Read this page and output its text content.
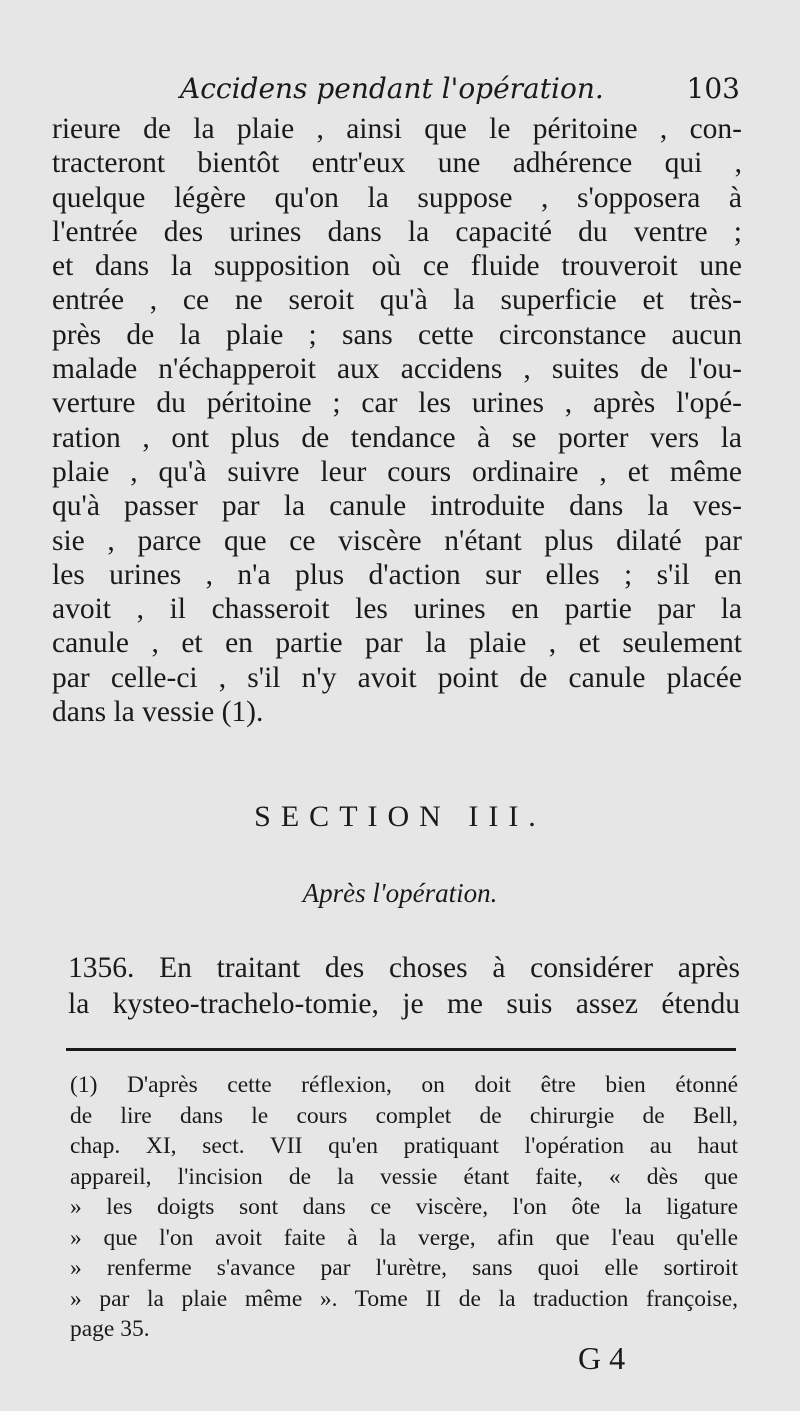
Accidens pendant l'opération.	103
rieure de la plaie , ainsi que le péritoine , con-
tracteront bientôt entr'eux une adhérence qui ,
quelque légère qu'on la suppose , s'opposera à
l'entrée des urines dans la capacité du ventre ;
et dans la supposition où ce fluide trouveroit une
entrée , ce ne seroit qu'à la superficie et très-
près de la plaie ; sans cette circonstance aucun
malade n'échapperoit aux accidens , suites de l'ou-
verture du péritoine ; car les urines , après l'opé-
ration , ont plus de tendance à se porter vers la
plaie , qu'à suivre leur cours ordinaire , et même
qu'à passer par la canule introduite dans la ves-
sie , parce que ce viscère n'étant plus dilaté par
les urines , n'a plus d'action sur elles ; s'il en
avoit , il chasseroit les urines en partie par la
canule , et en partie par la plaie , et seulement
par celle-ci , s'il n'y avoit point de canule placée
dans la vessie (1).
SECTION III.
Après l'opération.
1356. En traitant des choses à considérer après
la kysteo-trachelo-tomie, je me suis assez étendu
(1) D'après cette réflexion, on doit être bien étonné
de lire dans le cours complet de chirurgie de Bell,
chap. XI, sect. VII qu'en pratiquant l'opération au haut
appareil, l'incision de la vessie étant faite, « dès que
» les doigts sont dans ce viscère, l'on ôte la ligature
» que l'on avoit faite à la verge, afin que l'eau qu'elle
» renferme s'avance par l'urètre, sans quoi elle sortiroit
» par la plaie même ». Tome II de la traduction françoise,
page 35.
G 4
